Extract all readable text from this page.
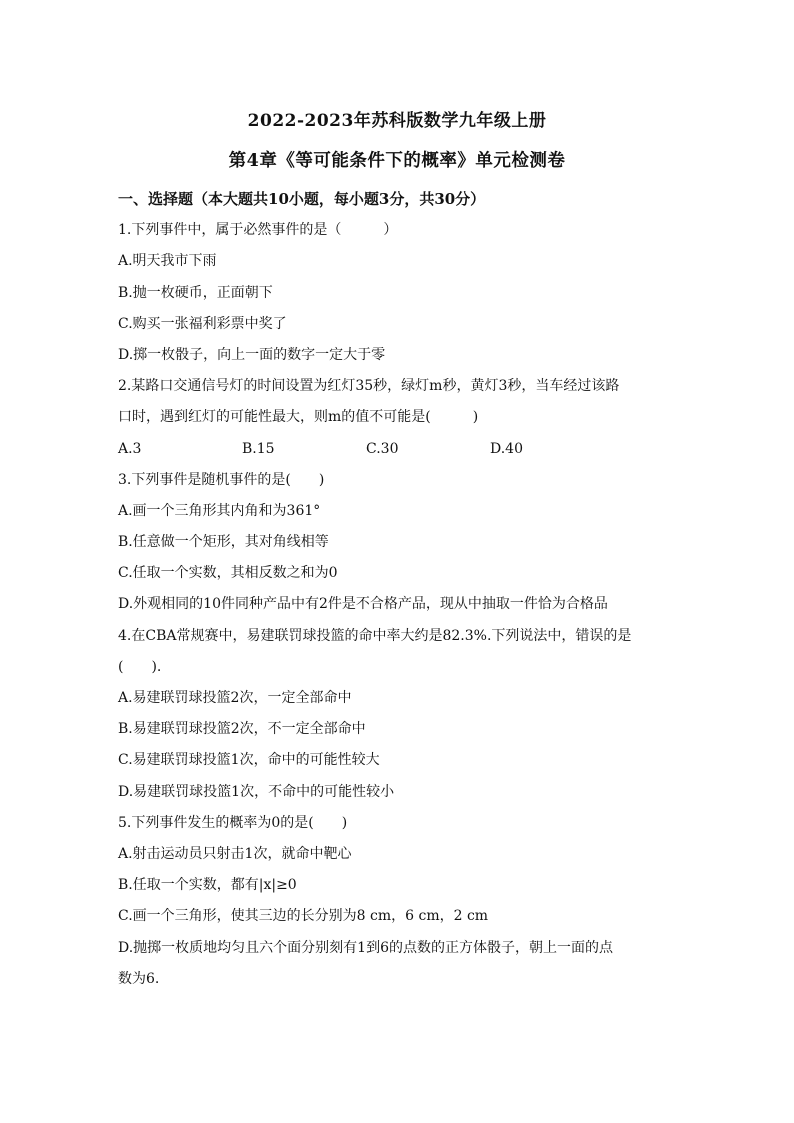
2022-2023年苏科版数学九年级上册
第4章《等可能条件下的概率》单元检测卷
一、选择题（本大题共10小题，每小题3分，共30分）
1.下列事件中，属于必然事件的是（　　　）
A.明天我市下雨
B.抛一枚硬币，正面朝下
C.购买一张福利彩票中奖了
D.掷一枚骰子，向上一面的数字一定大于零
2.某路口交通信号灯的时间设置为红灯35秒，绿灯m秒，黄灯3秒，当车经过该路
口时，遇到红灯的可能性最大，则m的值不可能是(　　　)
A.3	B.15	C.30	D.40
3.下列事件是随机事件的是(　　)
A.画一个三角形其内角和为361°
B.任意做一个矩形，其对角线相等
C.任取一个实数，其相反数之和为0
D.外观相同的10件同种产品中有2件是不合格产品，现从中抽取一件恰为合格品
4.在CBA常规赛中，易建联罚球投篮的命中率大约是82.3%.下列说法中，错误的是
(　　).
A.易建联罚球投篮2次，一定全部命中
B.易建联罚球投篮2次，不一定全部命中
C.易建联罚球投篮1次，命中的可能性较大
D.易建联罚球投篮1次，不命中的可能性较小
5.下列事件发生的概率为0的是(　　)
A.射击运动员只射击1次，就命中靶心
B.任取一个实数，都有|x|≥0
C.画一个三角形，使其三边的长分别为8 cm，6 cm，2 cm
D.抛掷一枚质地均匀且六个面分别刻有1到6的点数的正方体骰子，朝上一面的点
数为6.
